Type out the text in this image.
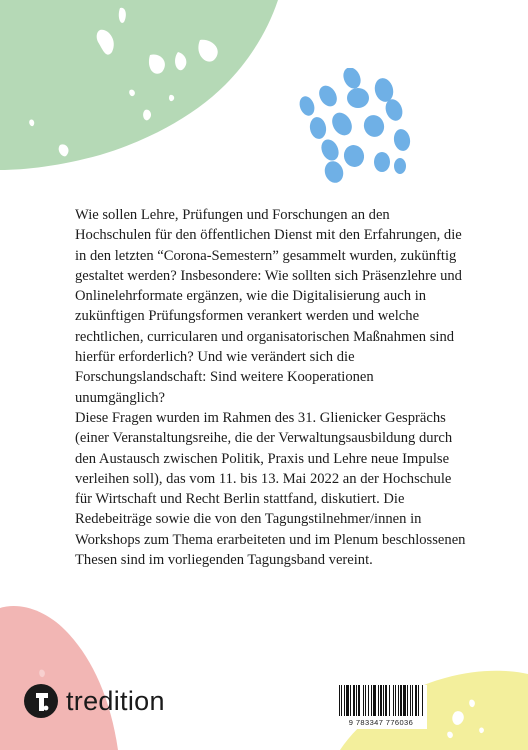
Wie sollen Lehre, Prüfungen und Forschungen an den Hochschulen für den öffentlichen Dienst mit den Erfahrungen, die in den letzten “Corona-Semestern” gesammelt wurden, zukünftig gestaltet werden? Insbesondere: Wie sollten sich Präsenzlehre und Onlinelehrformate ergänzen, wie die Digitalisierung auch in zukünftigen Prüfungsformen verankert werden und welche rechtlichen, curricularen und organisatorischen Maßnahmen sind hierfür erforderlich? Und wie verändert sich die Forschungslandschaft: Sind weitere Kooperationen unumgänglich?

Diese Fragen wurden im Rahmen des 31. Glienicker Gesprächs (einer Veranstaltungsreihe, die der Verwaltungsausbildung durch den Austausch zwischen Politik, Praxis und Lehre neue Impulse verleihen soll), das vom 11. bis 13. Mai 2022 an der Hochschule für Wirtschaft und Recht Berlin stattfand, diskutiert. Die Redebeiträge sowie die von den Tagungstilnehmer/innen in Workshops zum Thema erarbeiteten und im Plenum beschlossenen Thesen sind im vorliegenden Tagungsband vereint.

tredition
9 783347 776036
